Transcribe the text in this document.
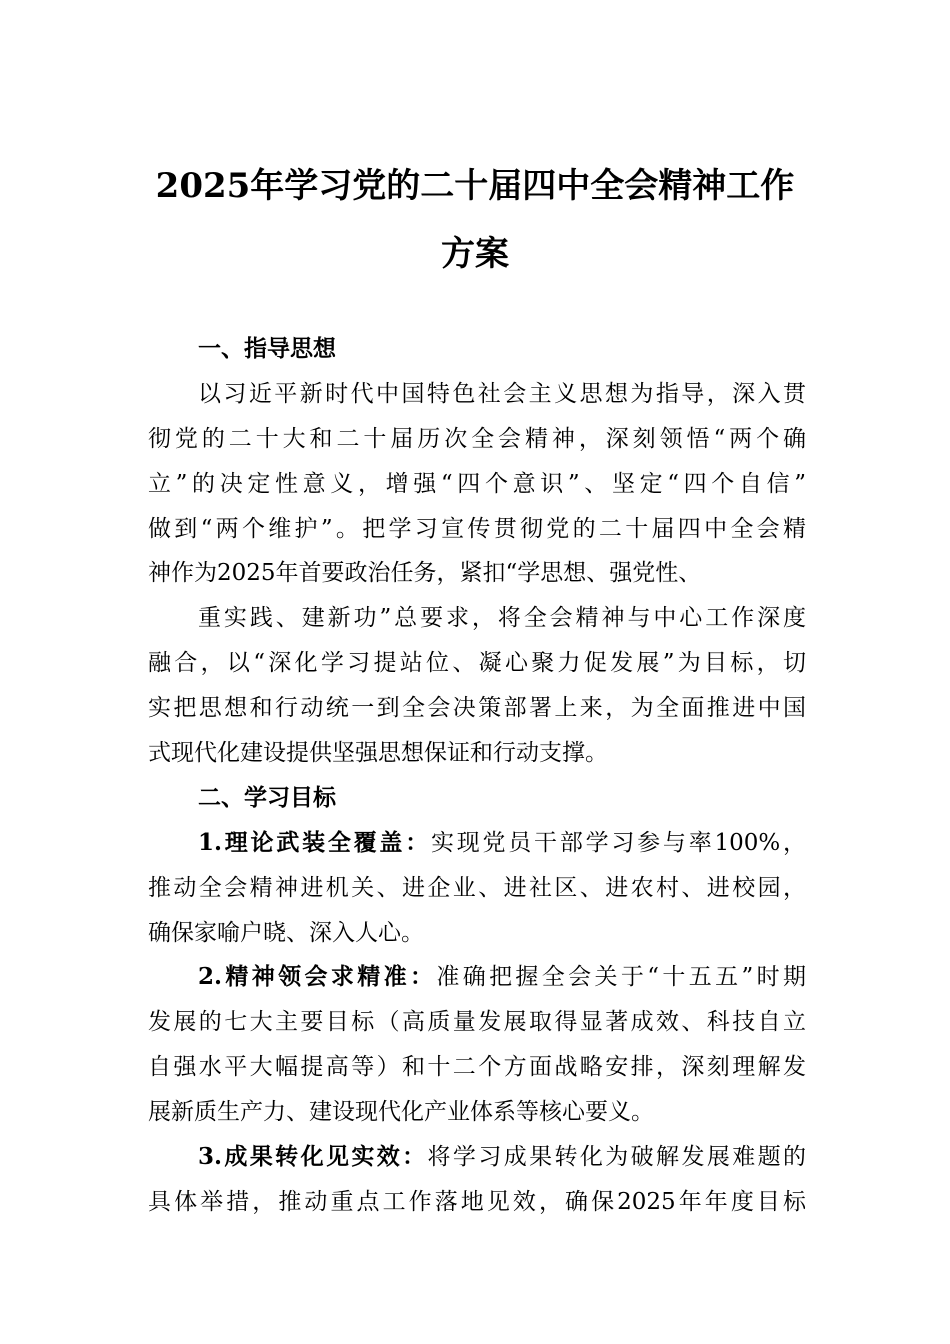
2025年学习党的二十届四中全会精神工作
方案
一、指导思想
以习近平新时代中国特色社会主义思想为指导，深入贯
彻党的二十大和二十届历次全会精神，深刻领悟“两个确
立”的决定性意义，增强“四个意识”、坚定“四个自信”
做到“两个维护”。把学习宣传贯彻党的二十届四中全会精
神作为2025年首要政治任务，紧扣“学思想、强党性、
重实践、建新功”总要求，将全会精神与中心工作深度
融合，以“深化学习提站位、凝心聚力促发展”为目标，切
实把思想和行动统一到全会决策部署上来，为全面推进中国
式现代化建设提供坚强思想保证和行动支撑。
二、学习目标
1.理论武装全覆盖：实现党员干部学习参与率100%，
推动全会精神进机关、进企业、进社区、进农村、进校园，
确保家喻户晓、深入人心。
2.精神领会求精准：准确把握全会关于“十五五”时期
发展的七大主要目标（高质量发展取得显著成效、科技自立
自强水平大幅提高等）和十二个方面战略安排，深刻理解发
展新质生产力、建设现代化产业体系等核心要义。
3.成果转化见实效：将学习成果转化为破解发展难题的
具体举措，推动重点工作落地见效，确保2025年年度目标
